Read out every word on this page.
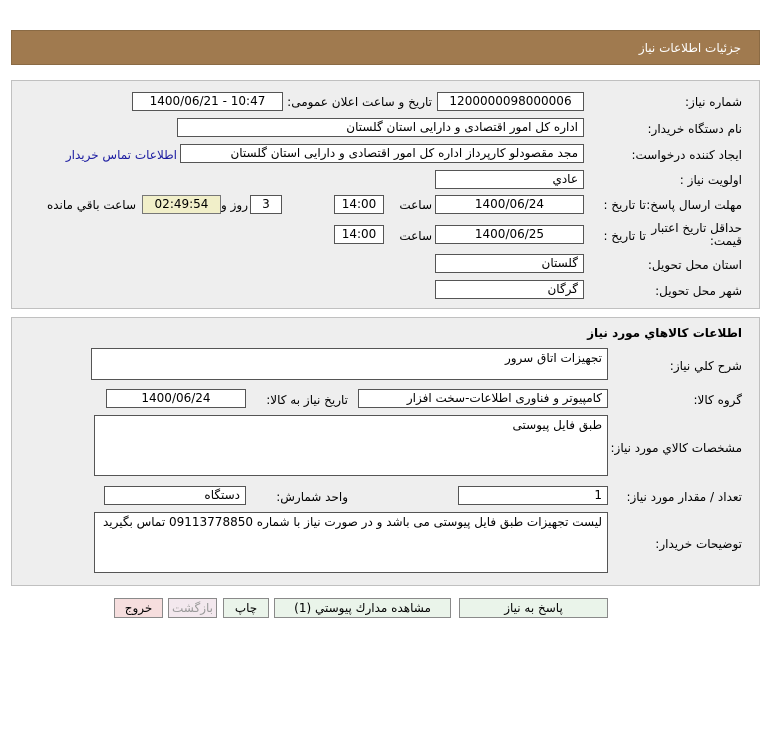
جزئيات اطلاعات نياز
شماره نياز:
1200000098000006
تاريخ و ساعت اعلان عمومی:
1400/06/21 - 10:47
نام دستگاه خريدار:
اداره کل امور اقتصادی و دارایی استان گلستان
ايجاد کننده درخواست:
مجد مقصودلو کارپرداز اداره کل امور اقتصادی و دارایی استان گلستان
اطلاعات تماس خريدار
اولويت نياز :
عادي
مهلت ارسال پاسخ:
تا تاريخ :
1400/06/24
ساعت
14:00
3
روز و
02:49:54
ساعت باقي مانده
حداقل تاريخ اعتبار قيمت:
تا تاريخ :
1400/06/25
ساعت
14:00
استان محل تحويل:
گلستان
شهر محل تحويل:
گرگان
اطلاعات كالاهاي مورد نياز
شرح کلي نياز:
تجهیزات اتاق سرور
گروه کالا:
کامپيوتر و فناوری اطلاعات-سخت افزار
تاريخ نياز به کالا:
1400/06/24
مشخصات کالاي مورد نياز:
طبق فایل پیوستی
تعداد / مقدار مورد نياز:
1
واحد شمارش:
دستگاه
توضيحات خريدار:
لیست تجهیزات طبق فایل پیوستی می باشد و در صورت نیاز با شماره 09113778850 تماس بگیرید
پاسخ به نياز
مشاهده مدارك پيوستي (1)
چاپ
بازگشت
خروج
